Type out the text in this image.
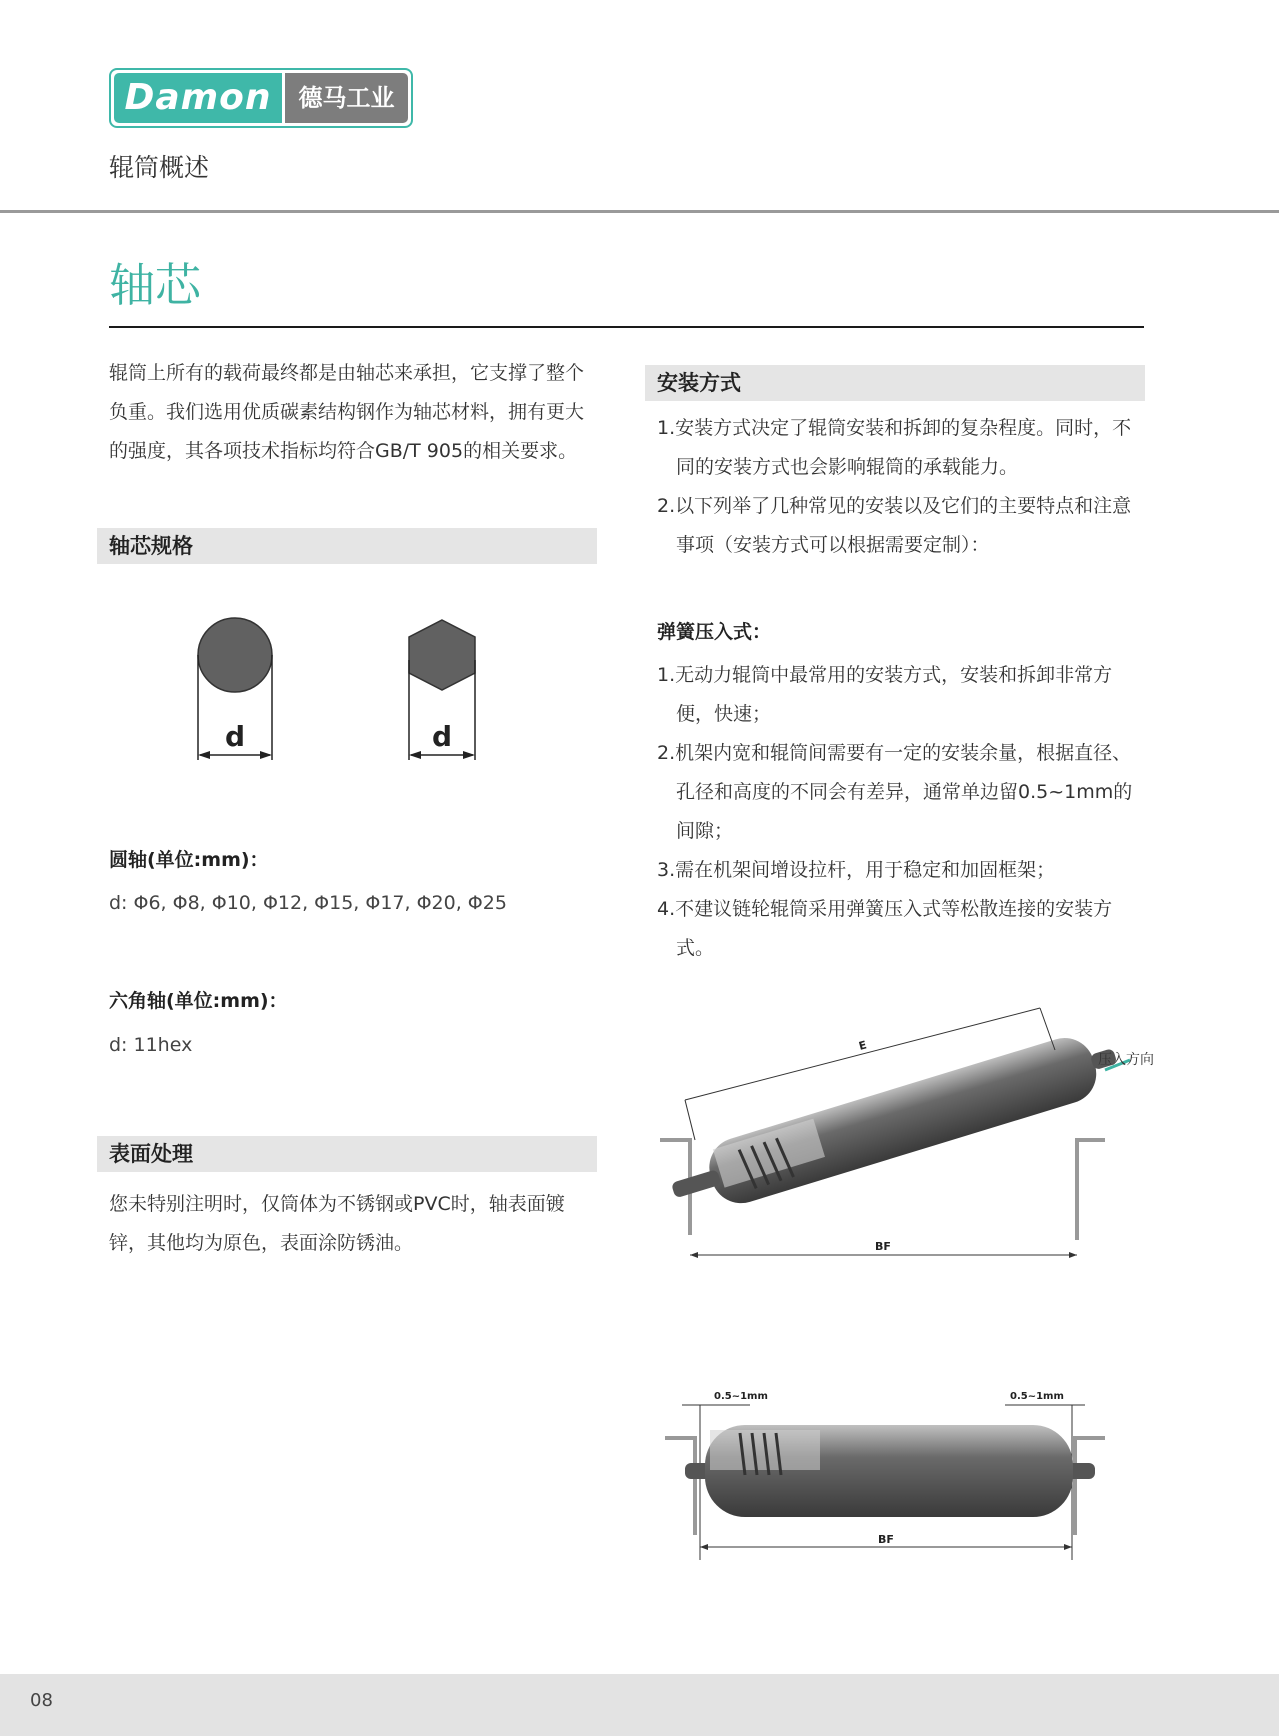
Damon	德马工业
辊筒概述
轴芯
辊筒上所有的载荷最终都是由轴芯来承担，它支撑了整个负重。我们选用优质碳素结构钢作为轴芯材料，拥有更大的强度，其各项技术指标均符合GB/T 905的相关要求。
轴芯规格
d	d
圆轴(单位:mm)：
d: Φ6, Φ8, Φ10, Φ12, Φ15, Φ17, Φ20, Φ25
六角轴(单位:mm)：
d: 11hex
表面处理
您未特别注明时，仅筒体为不锈钢或PVC时，轴表面镀锌，其他均为原色，表面涂防锈油。
安装方式
1.安装方式决定了辊筒安装和拆卸的复杂程度。同时，不同的安装方式也会影响辊筒的承载能力。
2.以下列举了几种常见的安装以及它们的主要特点和注意事项（安装方式可以根据需要定制）：
弹簧压入式：
1.无动力辊筒中最常用的安装方式，安装和拆卸非常方便，快速；
2.机架内宽和辊筒间需要有一定的安装余量，根据直径、孔径和高度的不同会有差异，通常单边留0.5~1mm的间隙；
3.需在机架间增设拉杆，用于稳定和加固框架；
4.不建议链轮辊筒采用弹簧压入式等松散连接的安装方式。
E
压入方向
BF
0.5~1mm	0.5~1mm
BF
08
